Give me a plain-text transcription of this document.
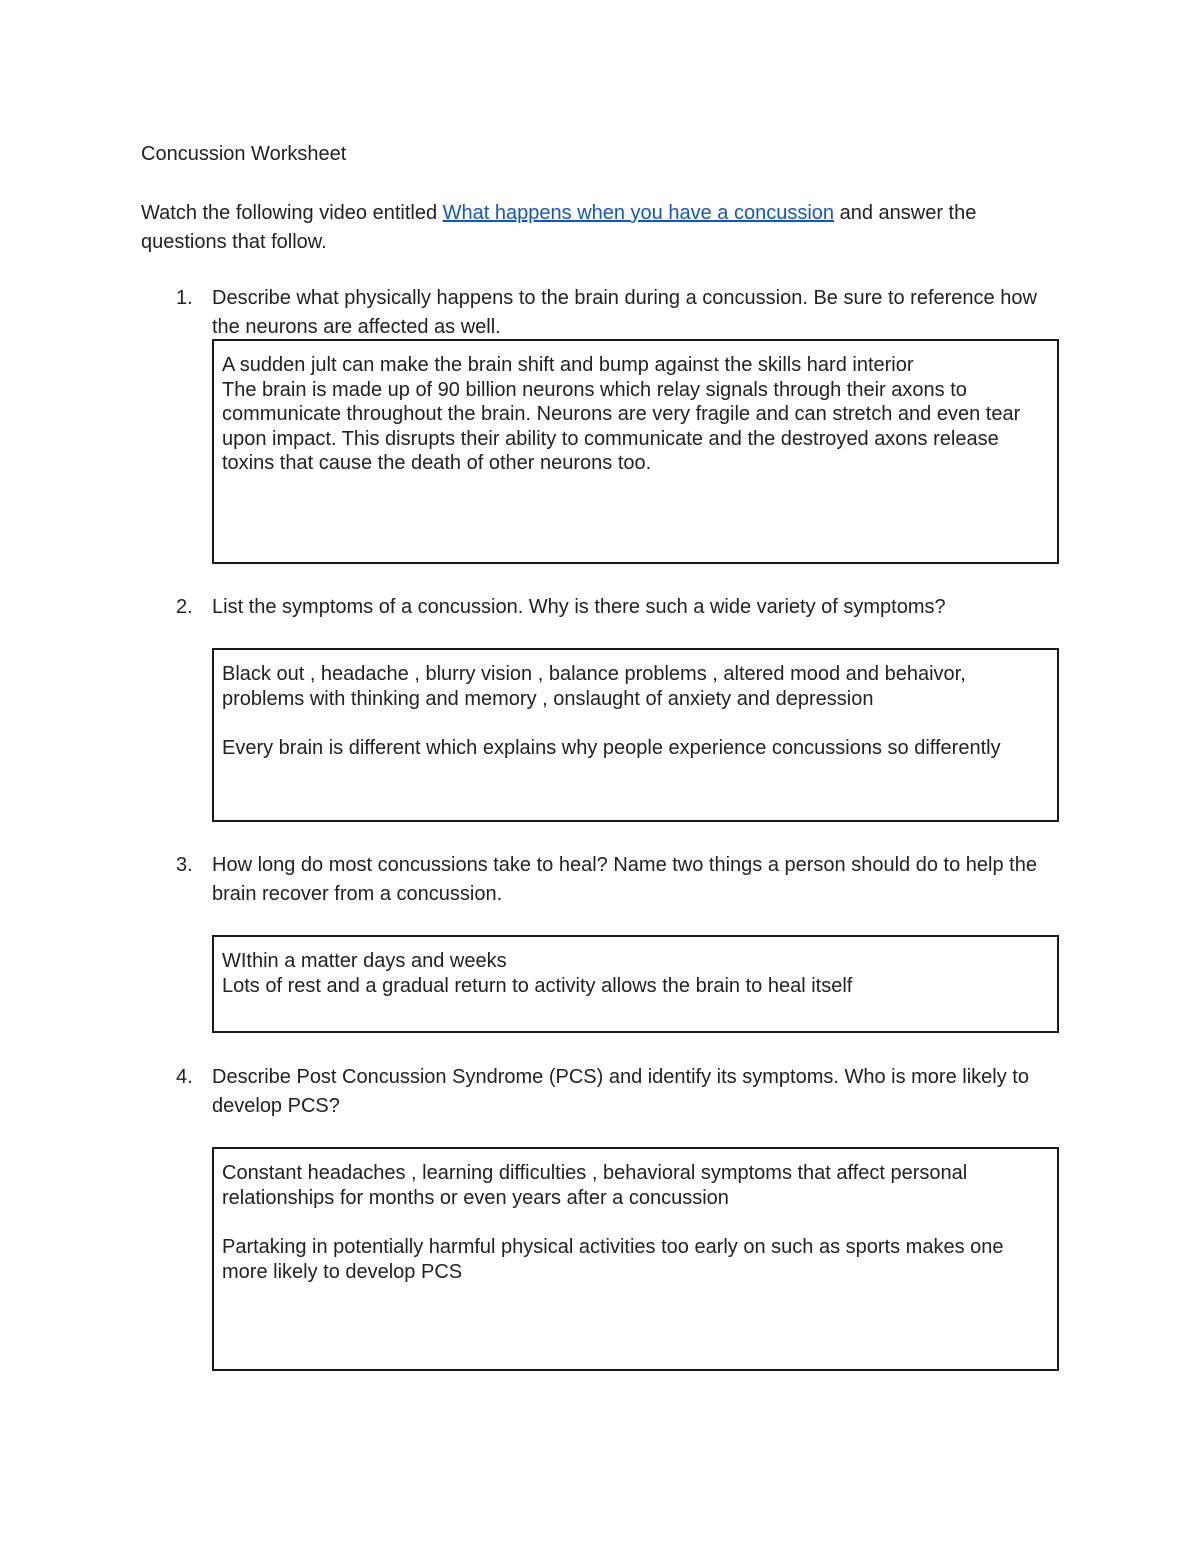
Concussion Worksheet

Watch the following video entitled What happens when you have a concussion and answer the questions that follow.

1. Describe what physically happens to the brain during a concussion. Be sure to reference how the neurons are affected as well.

A sudden jult can make the brain shift and bump against the skills hard interior

The brain is made up of 90 billion neurons which relay signals through their axons to communicate throughout the brain. Neurons are very fragile and can stretch and even tear upon impact. This disrupts their ability to communicate and the destroyed axons release toxins that cause the death of other neurons too.

2. List the symptoms of a concussion. Why is there such a wide variety of symptoms?

Black out , headache , blurry vision , balance problems , altered mood and behaivor, problems with thinking and memory , onslaught of anxiety and depression

Every brain is different which explains why people experience concussions so differently

3. How long do most concussions take to heal? Name two things a person should do to help the brain recover from a concussion.

WIthin a matter days and weeks

Lots of rest and a gradual return to activity allows the brain to heal itself

4. Describe Post Concussion Syndrome (PCS) and identify its symptoms. Who is more likely to develop PCS?

Constant headaches , learning difficulties , behavioral symptoms that affect personal relationships for months or even years after a concussion

Partaking in potentially harmful physical activities too early on such as sports makes one more likely to develop PCS
